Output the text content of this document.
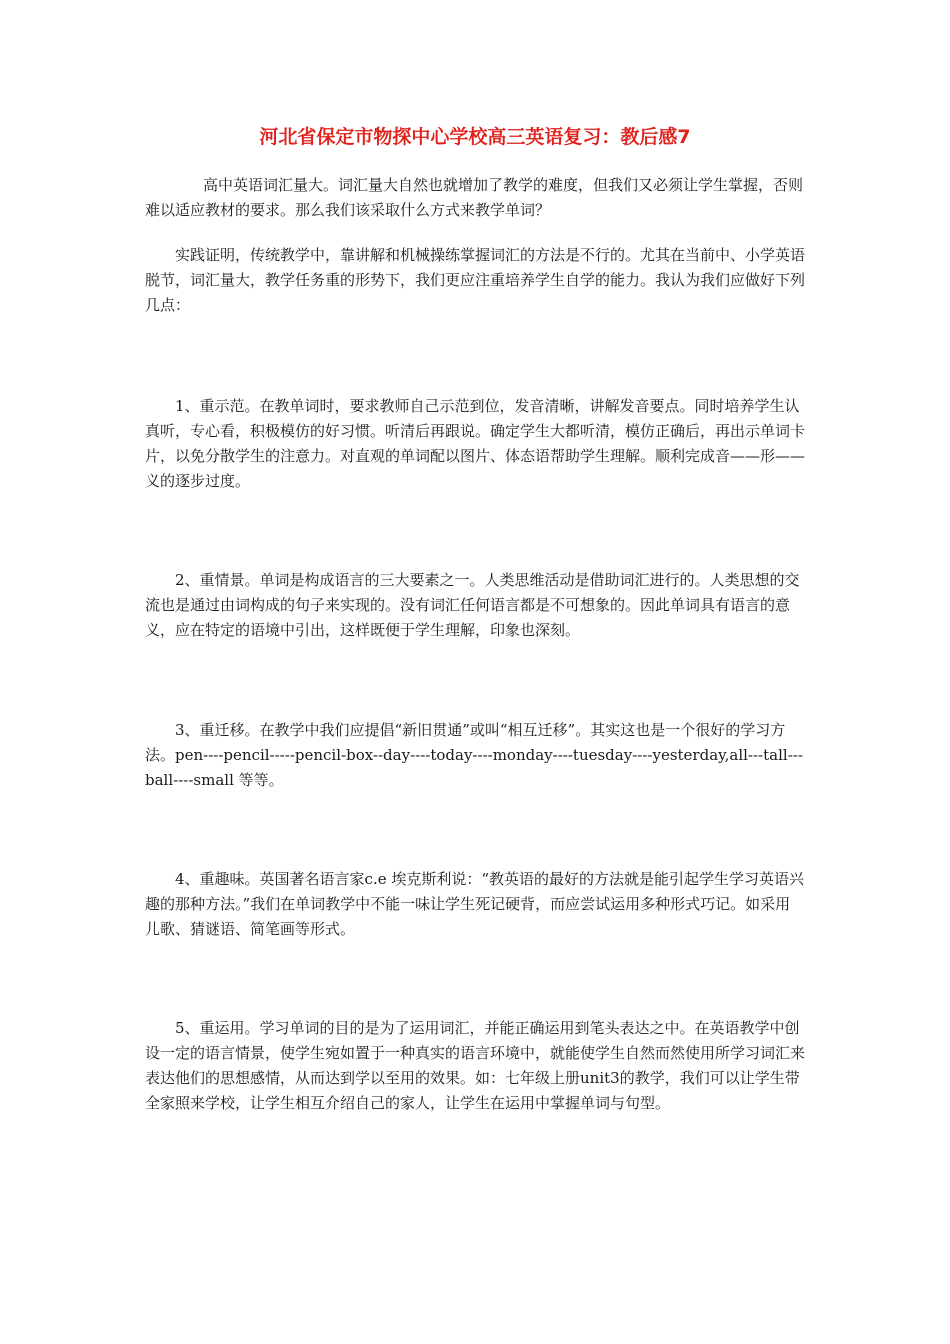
河北省保定市物探中心学校高三英语复习：教后感7

高中英语词汇量大。词汇量大自然也就增加了教学的难度，但我们又必须让学生掌握，否则难以适应教材的要求。那么我们该采取什么方式来教学单词？

实践证明，传统教学中，靠讲解和机械操练掌握词汇的方法是不行的。尤其在当前中、小学英语脱节，词汇量大，教学任务重的形势下，我们更应注重培养学生自学的能力。我认为我们应做好下列几点：

1、重示范。在教单词时，要求教师自己示范到位，发音清晰，讲解发音要点。同时培养学生认真听，专心看，积极模仿的好习惯。听清后再跟说。确定学生大都听清，模仿正确后，再出示单词卡片，以免分散学生的注意力。对直观的单词配以图片、体态语帮助学生理解。顺利完成音——形——义的逐步过度。

2、重情景。单词是构成语言的三大要素之一。人类思维活动是借助词汇进行的。人类思想的交流也是通过由词构成的句子来实现的。没有词汇任何语言都是不可想象的。因此单词具有语言的意义，应在特定的语境中引出，这样既便于学生理解，印象也深刻。

3、重迁移。在教学中我们应提倡“新旧贯通”或叫“相互迁移”。其实这也是一个很好的学习方法。pen----pencil-----pencil-box--day----today----monday----tuesday----yesterday,all---tall---ball----small 等等。

4、重趣味。英国著名语言家c.e 埃克斯利说：“教英语的最好的方法就是能引起学生学习英语兴趣的那种方法。”我们在单词教学中不能一味让学生死记硬背，而应尝试运用多种形式巧记。如采用儿歌、猜谜语、简笔画等形式。

5、重运用。学习单词的目的是为了运用词汇，并能正确运用到笔头表达之中。在英语教学中创设一定的语言情景，使学生宛如置于一种真实的语言环境中，就能使学生自然而然使用所学习词汇来表达他们的思想感情，从而达到学以至用的效果。如：七年级上册unit3的教学，我们可以让学生带全家照来学校，让学生相互介绍自己的家人，让学生在运用中掌握单词与句型。
